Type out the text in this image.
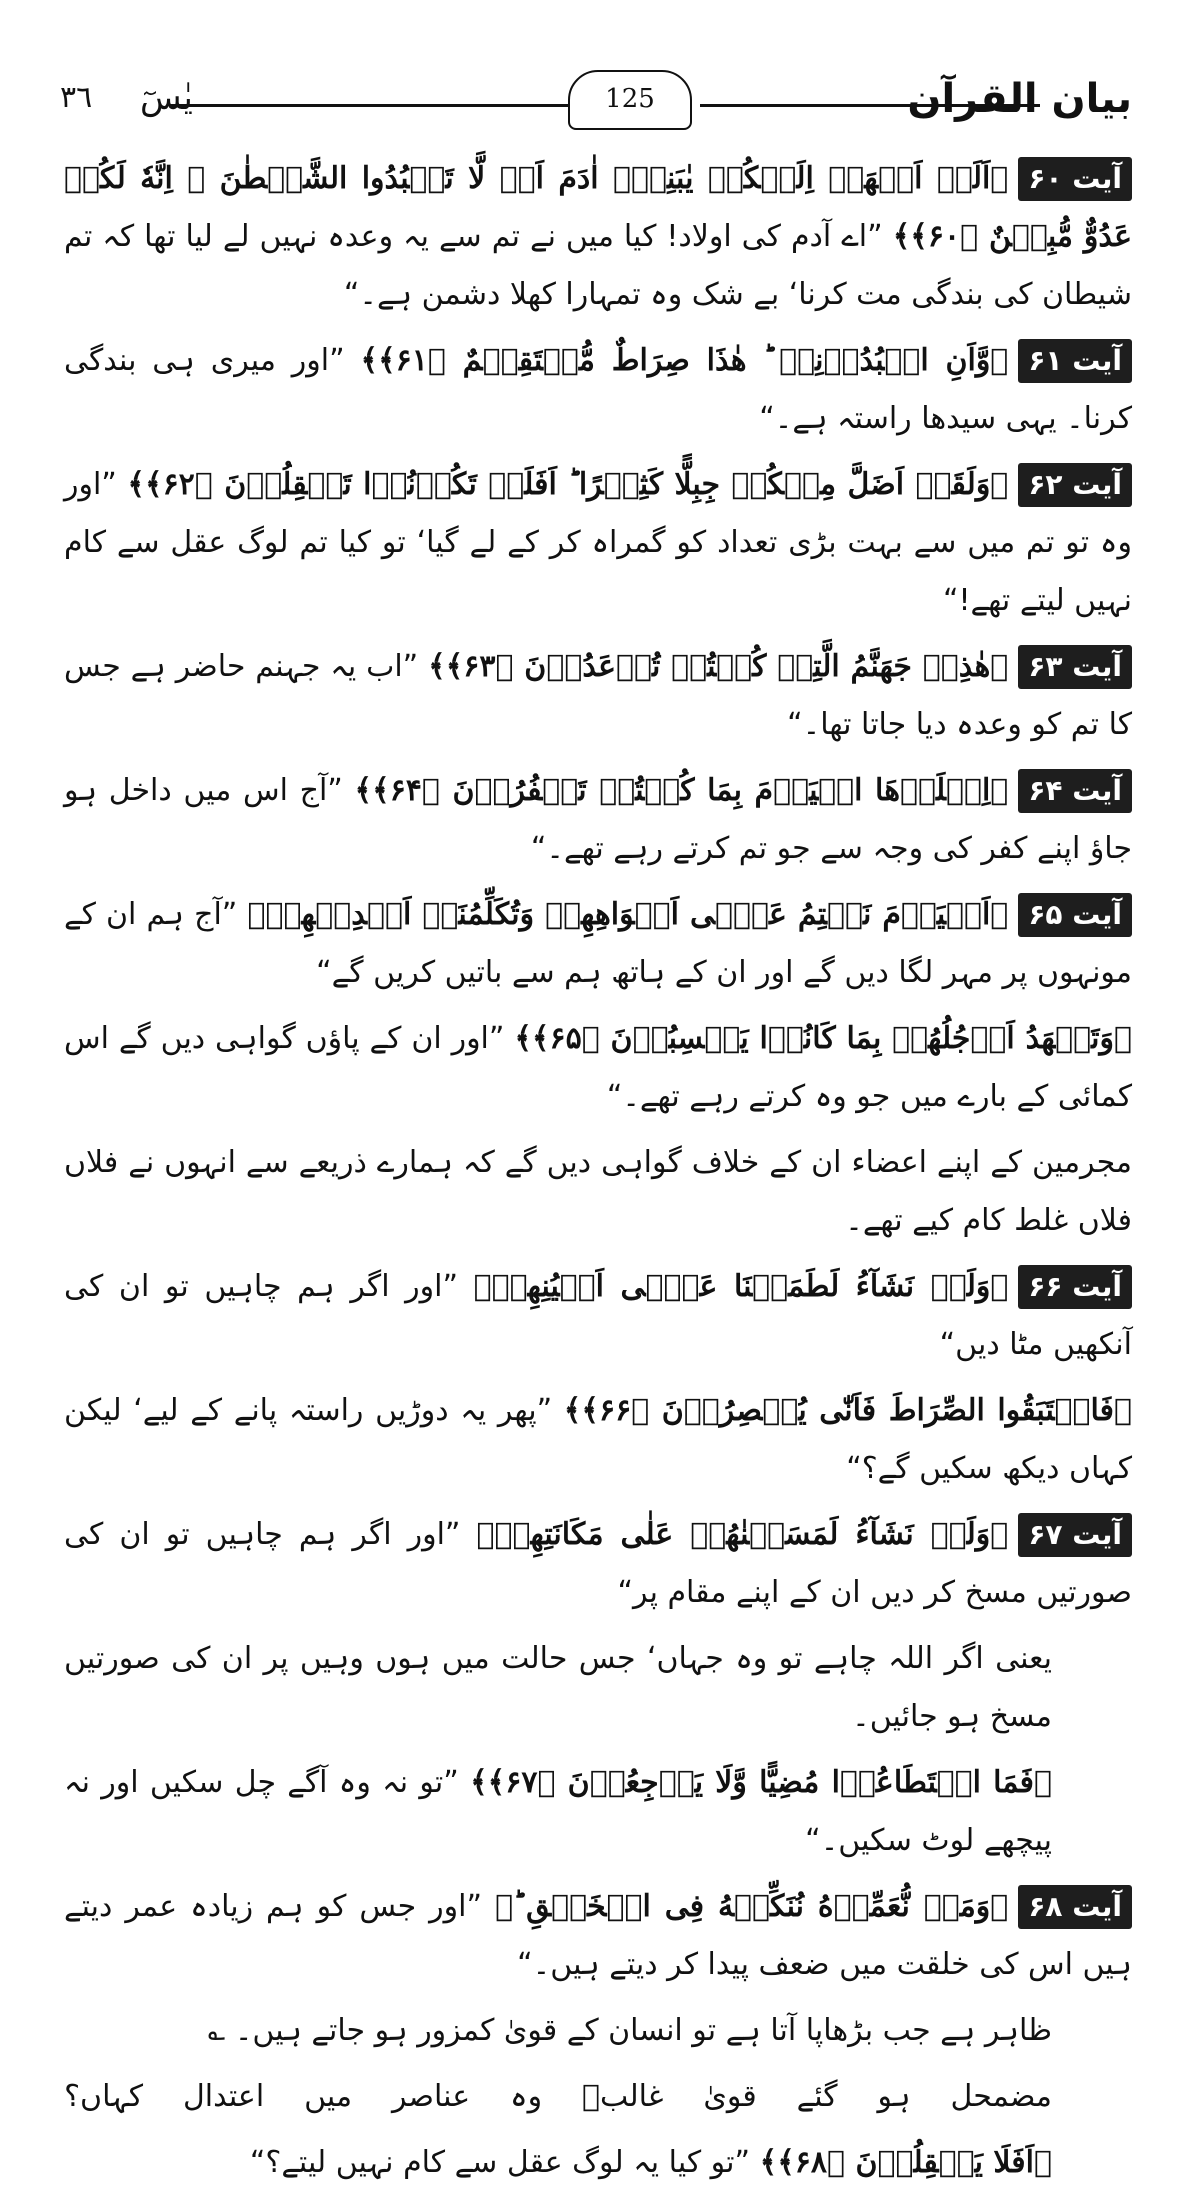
بیان القرآن
یٰسٓ
۳٦	125

آیت ۶۰﴿اَلَمۡ اَعۡهَدۡ اِلَیۡكُمۡ یٰبَنِیۡۤ اٰدَمَ اَنۡ لَّا تَعۡبُدُوا الشَّیۡطٰنَ ۚ اِنَّهٗ لَكُمۡ عَدُوٌّ مُّبِیۡنٌ ﴿۶۰﴾﴾ ”اے آدم کی اولاد! کیا میں نے تم سے یہ وعدہ نہیں لے لیا تھا کہ تم شیطان کی بندگی مت کرنا‘ بے شک وہ تمہارا کھلا دشمن ہے۔“

آیت ۶۱﴿وَّاَنِ اعۡبُدُوۡنِیۡ ؕ هٰذَا صِرَاطٌ مُّسۡتَقِیۡمٌ ﴿۶۱﴾﴾ ”اور میری ہی بندگی کرنا۔ یہی سیدھا راستہ ہے۔“

آیت ۶۲﴿وَلَقَدۡ اَضَلَّ مِنۡكُمۡ جِبِلًّا كَثِیۡرًا ؕ اَفَلَمۡ تَكُوۡنُوۡا تَعۡقِلُوۡنَ ﴿۶۲﴾﴾ ”اور وہ تو تم میں سے بہت بڑی تعداد کو گمراہ کر کے لے گیا‘ تو کیا تم لوگ عقل سے کام نہیں لیتے تھے!“

آیت ۶۳﴿هٰذِهٖ جَهَنَّمُ الَّتِیۡ كُنۡتُمۡ تُوۡعَدُوۡنَ ﴿۶۳﴾﴾ ”اب یہ جہنم حاضر ہے جس کا تم کو وعدہ دیا جاتا تھا۔“

آیت ۶۴﴿اِصۡلَوۡهَا الۡیَوۡمَ بِمَا كُنۡتُمۡ تَكۡفُرُوۡنَ ﴿۶۴﴾﴾ ”آج اس میں داخل ہو جاؤ اپنے کفر کی وجہ سے جو تم کرتے رہے تھے۔“

آیت ۶۵﴿اَلۡیَوۡمَ نَخۡتِمُ عَلٰۤی اَفۡوَاهِهِمۡ وَتُكَلِّمُنَاۤ اَیۡدِیۡهِمۡ﴾ ”آج ہم ان کے مونہوں پر مہر لگا دیں گے اور ان کے ہاتھ ہم سے باتیں کریں گے“

﴿وَتَشۡهَدُ اَرۡجُلُهُمۡ بِمَا كَانُوۡا یَكۡسِبُوۡنَ ﴿۶۵﴾﴾ ”اور ان کے پاؤں گواہی دیں گے اس کمائی کے بارے میں جو وہ کرتے رہے تھے۔“

مجرمین کے اپنے اعضاء ان کے خلاف گواہی دیں گے کہ ہمارے ذریعے سے انہوں نے فلاں فلاں غلط کام کیے تھے۔

آیت ۶۶﴿وَلَوۡ نَشَآءُ لَطَمَسۡنَا عَلٰۤی اَعۡیُنِهِمۡ﴾ ”اور اگر ہم چاہیں تو ان کی آنکھیں مٹا دیں“

﴿فَاسۡتَبَقُوا الصِّرَاطَ فَاَنّٰی یُبۡصِرُوۡنَ ﴿۶۶﴾﴾ ”پھر یہ دوڑیں راستہ پانے کے لیے‘ لیکن کہاں دیکھ سکیں گے؟“

آیت ۶۷﴿وَلَوۡ نَشَآءُ لَمَسَخۡنٰهُمۡ عَلٰی مَكَانَتِهِمۡ﴾ ”اور اگر ہم چاہیں تو ان کی صورتیں مسخ کر دیں ان کے اپنے مقام پر“

یعنی اگر اللہ چاہے تو وہ جہاں‘ جس حالت میں ہوں وہیں پر ان کی صورتیں مسخ ہو جائیں۔

﴿فَمَا اسۡتَطَاعُوۡا مُضِیًّا وَّلَا یَرۡجِعُوۡنَ ﴿۶۷﴾﴾ ”تو نہ وہ آگے چل سکیں اور نہ پیچھے لوٹ سکیں۔“

آیت ۶۸﴿وَمَنۡ نُّعَمِّرۡهُ نُنَكِّسۡهُ فِی الۡخَلۡقِ ؕ﴾ ”اور جس کو ہم زیادہ عمر دیتے ہیں اس کی خلقت میں ضعف پیدا کر دیتے ہیں۔“

ظاہر ہے جب بڑھاپا آتا ہے تو انسان کے قویٰ کمزور ہو جاتے ہیں۔ ؎

مضمحل
ہو
گئے
قویٰ
غالبؔ
وہ
عناصر
میں
اعتدال
کہاں؟

﴿اَفَلَا یَعۡقِلُوۡنَ ﴿۶۸﴾﴾ ”تو کیا یہ لوگ عقل سے کام نہیں لیتے؟“
